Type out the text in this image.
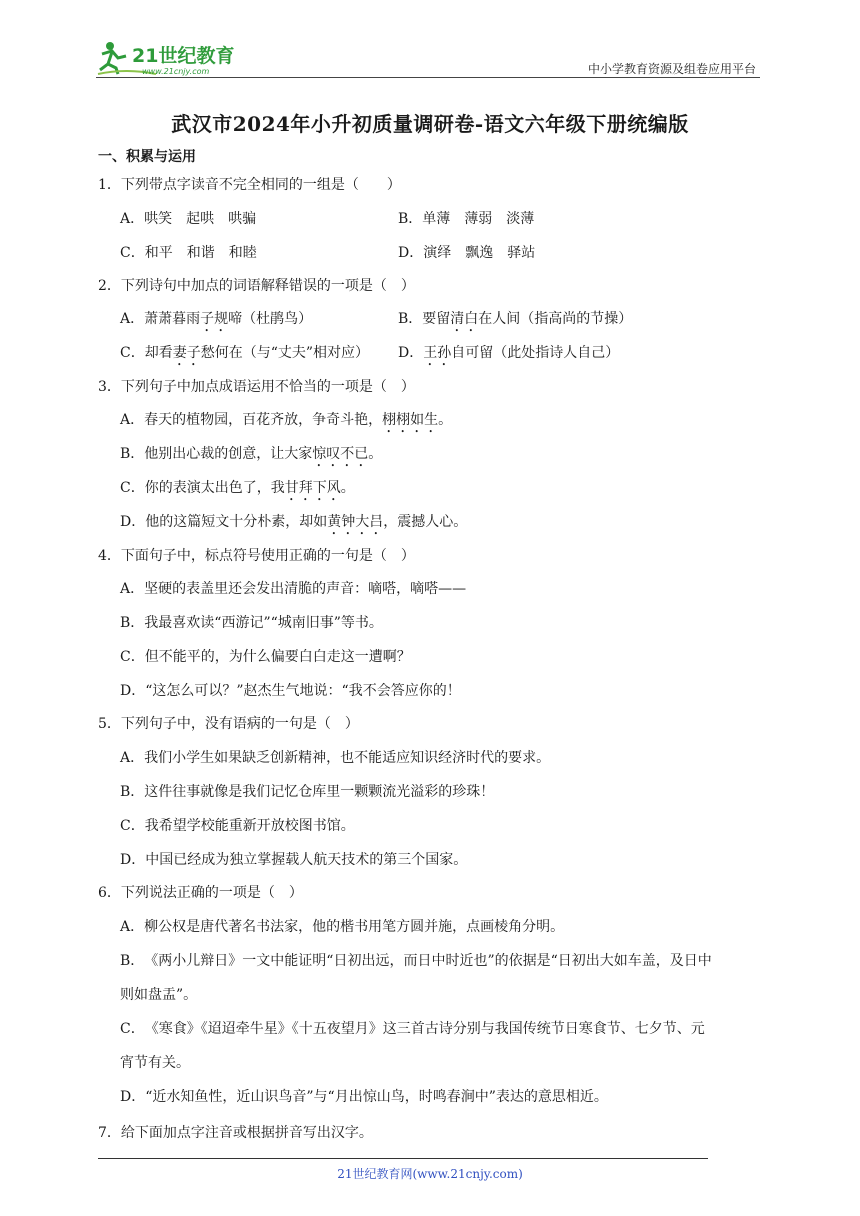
21世纪教育
www.21cnjy.com	中小学教育资源及组卷应用平台
武汉市2024年小升初质量调研卷-语文六年级下册统编版
一、积累与运用
1．下列带点字读音不完全相同的一组是（　　）
A．哄笑　起哄　哄骗	B．单薄　薄弱　淡薄
C．和平　和谐　和睦	D．演绎　飘逸　驿站
2．下列诗句中加点的词语解释错误的一项是（　）
A．萧萧暮雨子规啼（杜鹃鸟）	B．要留清白在人间（指高尚的节操）
C．却看妻子愁何在（与“丈夫”相对应） D．王孙自可留（此处指诗人自己）
3．下列句子中加点成语运用不恰当的一项是（　）
A．春天的植物园，百花齐放，争奇斗艳，栩栩如生。
B．他别出心裁的创意，让大家惊叹不已。
C．你的表演太出色了，我甘拜下风。
D．他的这篇短文十分朴素，却如黄钟大吕，震撼人心。
4．下面句子中，标点符号使用正确的一句是（　）
A．坚硬的表盖里还会发出清脆的声音：嘀嗒，嘀嗒——
B．我最喜欢读“西游记”“城南旧事”等书。
C．但不能平的，为什么偏要白白走这一遭啊？
D．“这怎么可以？”赵杰生气地说：“我不会答应你的！
5．下列句子中，没有语病的一句是（　）
A．我们小学生如果缺乏创新精神，也不能适应知识经济时代的要求。
B．这件往事就像是我们记忆仓库里一颗颗流光溢彩的珍珠！
C．我希望学校能重新开放校图书馆。
D．中国已经成为独立掌握载人航天技术的第三个国家。
6．下列说法正确的一项是（　）
A．柳公权是唐代著名书法家，他的楷书用笔方圆并施，点画棱角分明。
B．《两小儿辩日》一文中能证明“日初出远，而日中时近也”的依据是“日初出大如车盖，及日中
则如盘盂”。
C．《寒食》《迢迢牵牛星》《十五夜望月》这三首古诗分别与我国传统节日寒食节、七夕节、元
宵节有关。
D．“近水知鱼性，近山识鸟音”与“月出惊山鸟，时鸣春涧中”表达的意思相近。
7．给下面加点字注音或根据拼音写出汉字。
21世纪教育网(www.21cnjy.com)
